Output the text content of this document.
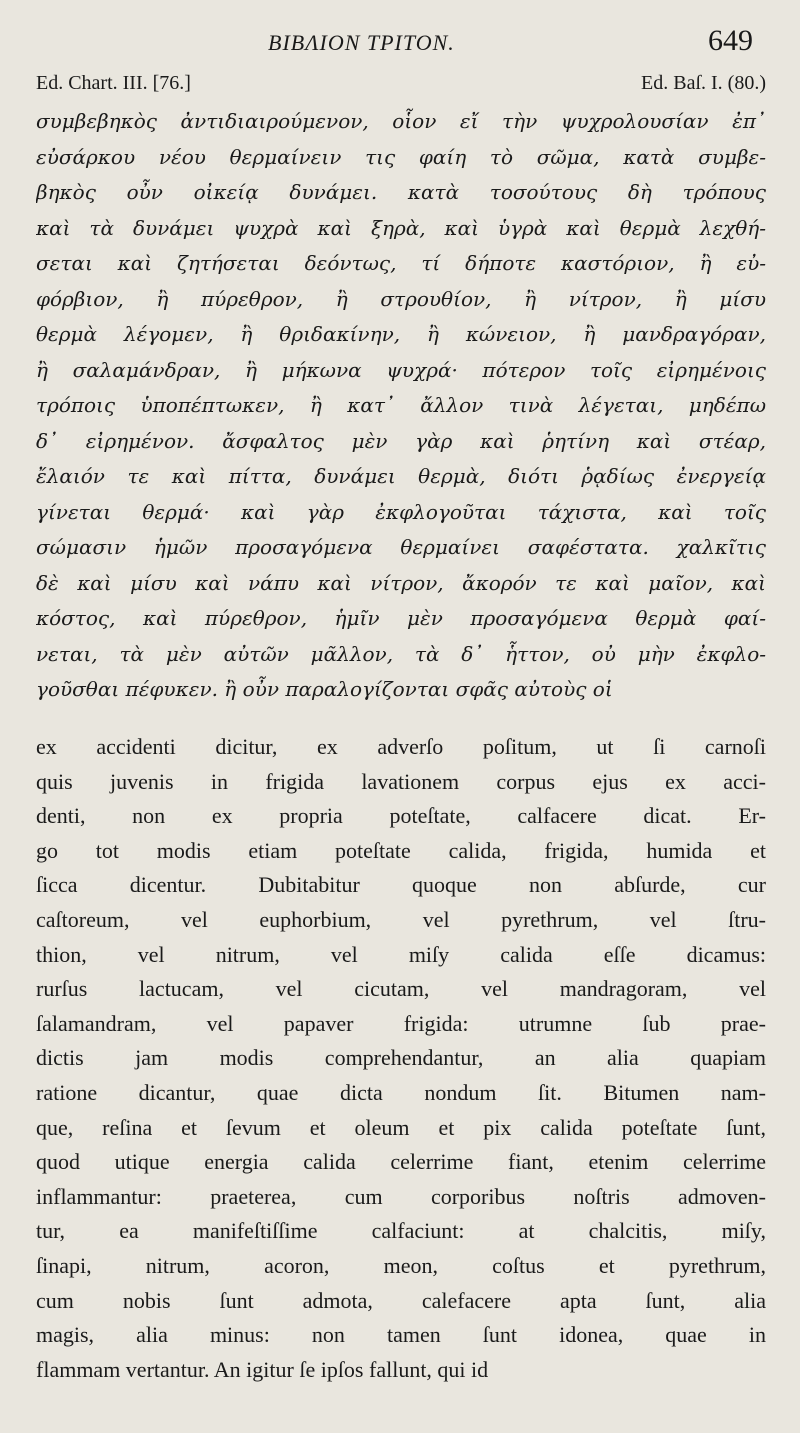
ΒΙΒΛΙΟΝ ΤΡΙΤΟΝ.	649
Ed. Chart. III. [76.]	Ed. Baſ. I. (80.)
συμβεβηκὸς ἀντιδιαιρούμενον, οἷον εἴ τὴν ψυχρολουσίαν ἐπ᾽
εὐσάρκου νέου θερμαίνειν τις φαίη τὸ σῶμα, κατὰ συμβε-
βηκὸς οὖν οἰκείᾳ δυνάμει. κατὰ τοσούτους δὴ τρόπους
καὶ τὰ δυνάμει ψυχρὰ καὶ ξηρὰ, καὶ ὑγρὰ καὶ θερμὰ λεχθή-
σεται καὶ ζητήσεται δεόντως, τί δήποτε καστόριον, ἢ εὐ-
φόρβιον, ἢ πύρεθρον, ἢ στρουθίον, ἢ νίτρον, ἢ μίσυ
θερμὰ λέγομεν, ἢ θριδακίνην, ἢ κώνειον, ἢ μανδραγόραν,
ἢ σαλαμάνδραν, ἢ μήκωνα ψυχρά· πότερον τοῖς εἰρημένοις
τρόποις ὑποπέπτωκεν, ἢ κατ᾽ ἄλλον τινὰ λέγεται, μηδέπω
δ᾽ εἰρημένον. ἄσφαλτος μὲν γὰρ καὶ ῥητίνη καὶ στέαρ,
ἔλαιόν τε καὶ πίττα, δυνάμει θερμὰ, διότι ῥᾳδίως ἐνεργείᾳ
γίνεται θερμά· καὶ γὰρ ἐκφλογοῦται τάχιστα, καὶ τοῖς
σώμασιν ἡμῶν προσαγόμενα θερμαίνει σαφέστατα. χαλκῖτις
δὲ καὶ μίσυ καὶ νάπυ καὶ νίτρον, ἄκορόν τε καὶ μαῖον, καὶ
κόστος, καὶ πύρεθρον, ἡμῖν μὲν προσαγόμενα θερμὰ φαί-
νεται, τὰ μὲν αὐτῶν μᾶλλον, τὰ δ᾽ ἧττον, οὐ μὴν ἐκφλο-
γοῦσθαι πέφυκεν. ἢ οὖν παραλογίζονται σφᾶς αὐτοὺς οἱ
ex accidenti dicitur, ex adverſo poſitum, ut ſi carnoſi
quis juvenis in frigida lavationem corpus ejus ex acci-
denti, non ex propria poteſtate, calfacere dicat. Er-
go tot modis etiam poteſtate calida, frigida, humida et
ſicca dicentur. Dubitabitur quoque non abſurde, cur
caſtoreum, vel euphorbium, vel pyrethrum, vel ſtru-
thion, vel nitrum, vel miſy calida eſſe dicamus:
rurſus lactucam, vel cicutam, vel mandragoram, vel
ſalamandram, vel papaver frigida: utrumne ſub prae-
dictis jam modis comprehendantur, an alia quapiam
ratione dicantur, quae dicta nondum ſit. Bitumen nam-
que, reſina et ſevum et oleum et pix calida poteſtate ſunt,
quod utique energia calida celerrime fiant, etenim celerrime
inflammantur: praeterea, cum corporibus noſtris admoven-
tur, ea manifeſtiſſime calfaciunt: at chalcitis, miſy,
ſinapi, nitrum, acoron, meon, coſtus et pyrethrum,
cum nobis ſunt admota, calefacere apta ſunt, alia
magis, alia minus: non tamen ſunt idonea, quae in
flammam vertantur. An igitur ſe ipſos fallunt, qui id
